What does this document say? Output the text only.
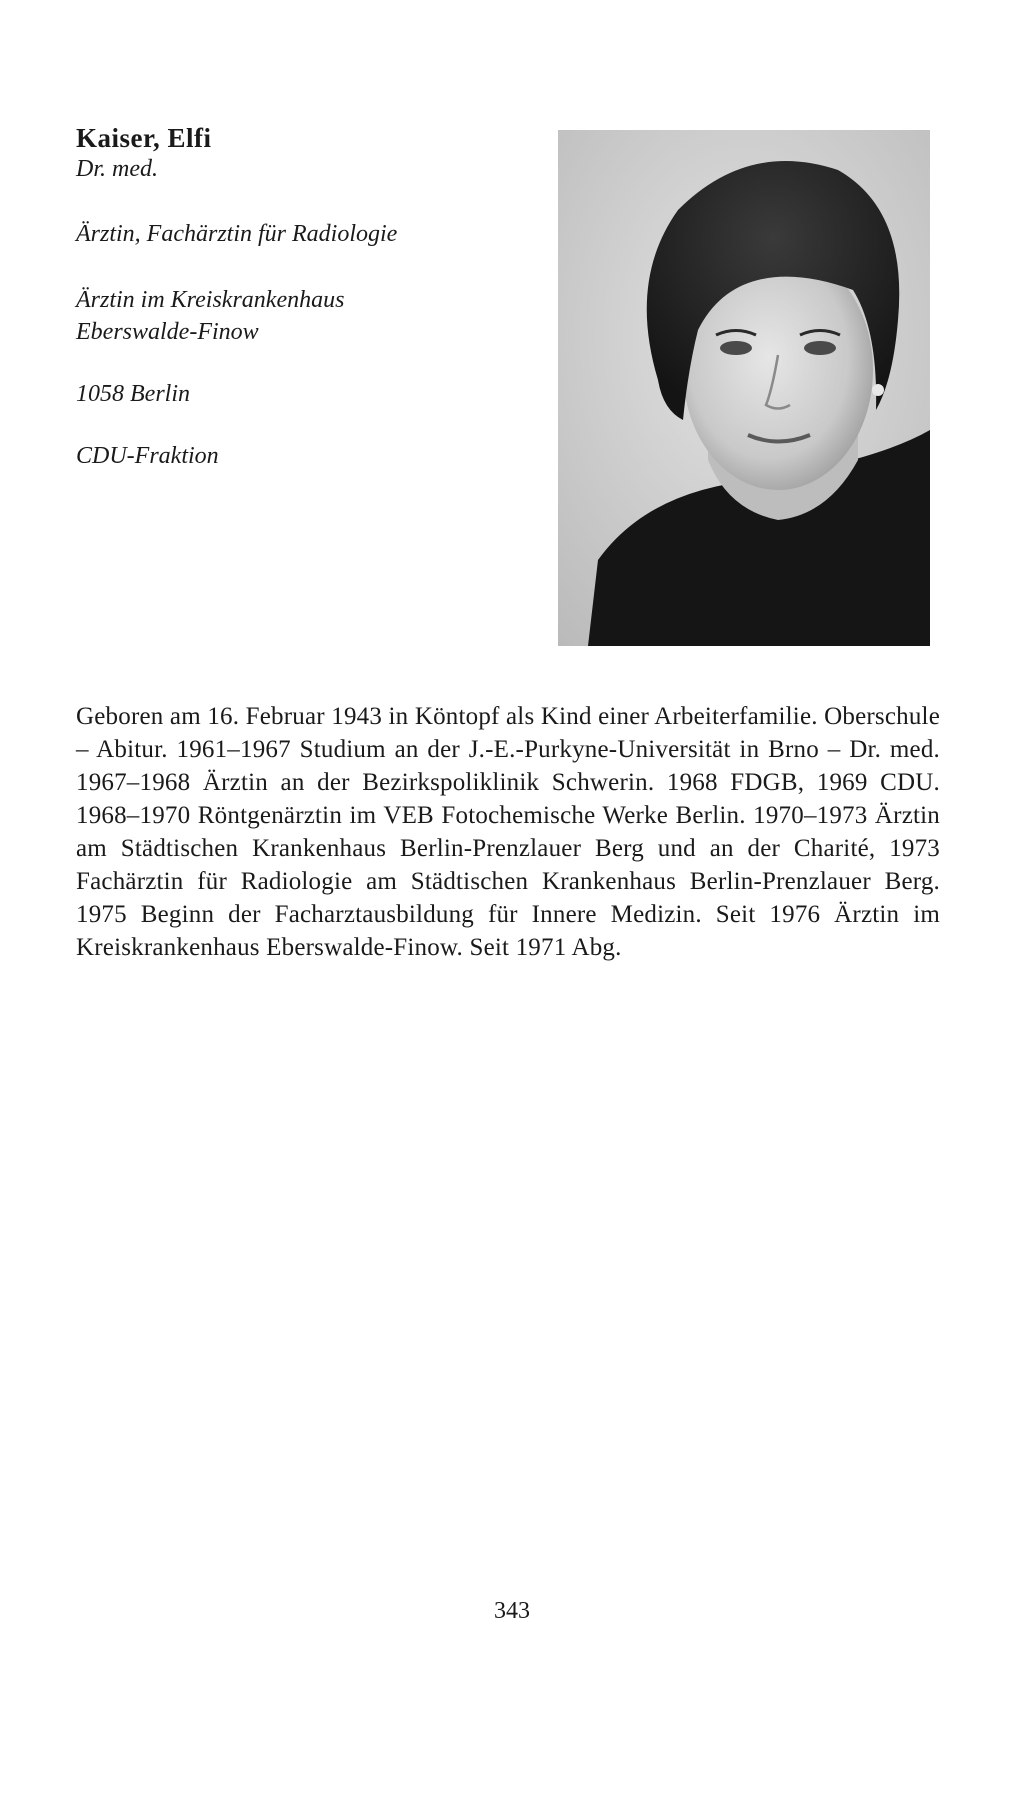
Kaiser, Elfi

Dr. med.

Ärztin, Fachärztin für Radiologie

Ärztin im Kreiskrankenhaus

Eberswalde-Finow

1058 Berlin

CDU-Fraktion

Geboren am 16. Februar 1943 in Köntopf als Kind einer Arbeiterfamilie. Oberschule – Abitur. 1961–1967 Studium an der J.-E.-Purkyne-Universität in Brno – Dr. med. 1967–1968 Ärztin an der Bezirkspoliklinik Schwerin. 1968 FDGB, 1969 CDU. 1968–1970 Röntgenärztin im VEB Fotochemische Werke Berlin. 1970–1973 Ärztin am Städtischen Krankenhaus Berlin-Prenzlauer Berg und an der Charité, 1973 Fachärztin für Radiologie am Städtischen Krankenhaus Berlin-Prenzlauer Berg. 1975 Beginn der Facharztausbildung für Innere Medizin. Seit 1976 Ärztin im Kreiskrankenhaus Eberswalde-Finow. Seit 1971 Abg.

343
